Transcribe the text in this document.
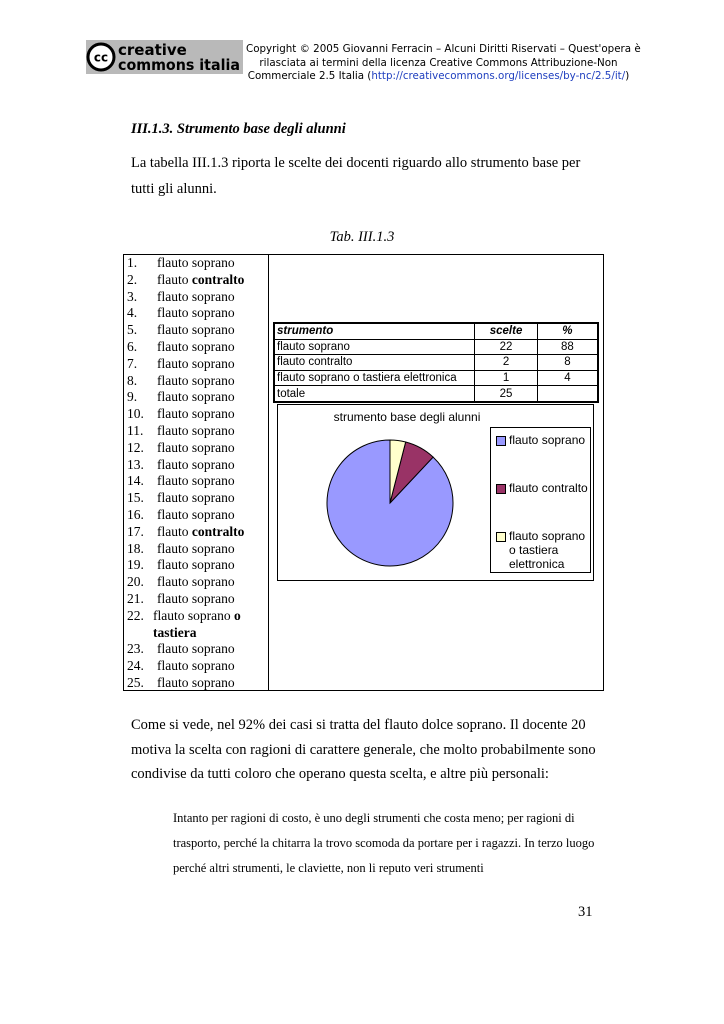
cc creative
commons italia
Copyright © 2005 Giovanni Ferracin – Alcuni Diritti Riservati – Quest'opera è
rilasciata ai termini della licenza Creative Commons Attribuzione-Non
Commerciale 2.5 Italia (http://creativecommons.org/licenses/by-nc/2.5/it/)
III.1.3. Strumento base degli alunni
La tabella III.1.3 riporta le scelte dei docenti riguardo allo strumento base per tutti gli alunni.
Tab. III.1.3
1.	flauto soprano
2.	flauto contralto
3.	flauto soprano
4.	flauto soprano
5.	flauto soprano
6.	flauto soprano
7.	flauto soprano
8.	flauto soprano
9.	flauto soprano
10. flauto soprano
11.	flauto soprano
12. flauto soprano
13. flauto soprano
14. flauto soprano
15. flauto soprano
16. flauto soprano
17. flauto contralto
18. flauto soprano
19. flauto soprano
20. flauto soprano
21. flauto soprano
22. flauto soprano o tastiera
23. flauto soprano
24. flauto soprano
25. flauto soprano
strumento	scelte	%
flauto soprano	22	88
flauto contralto	2	8
flauto soprano o tastiera elettronica	1	4
totale	25	
strumento base degli alunni
flauto soprano
flauto contralto
flauto soprano o tastiera elettronica
Come si vede, nel 92% dei casi si tratta del flauto dolce soprano. Il docente 20 motiva la scelta con ragioni di carattere generale, che molto probabilmente sono condivise da tutti coloro che operano questa scelta, e altre più personali:
Intanto per ragioni di costo, è uno degli strumenti che costa meno; per ragioni di trasporto, perché la chitarra la trovo scomoda da portare per i ragazzi. In terzo luogo perché altri strumenti, le claviette, non li reputo veri strumenti
31
